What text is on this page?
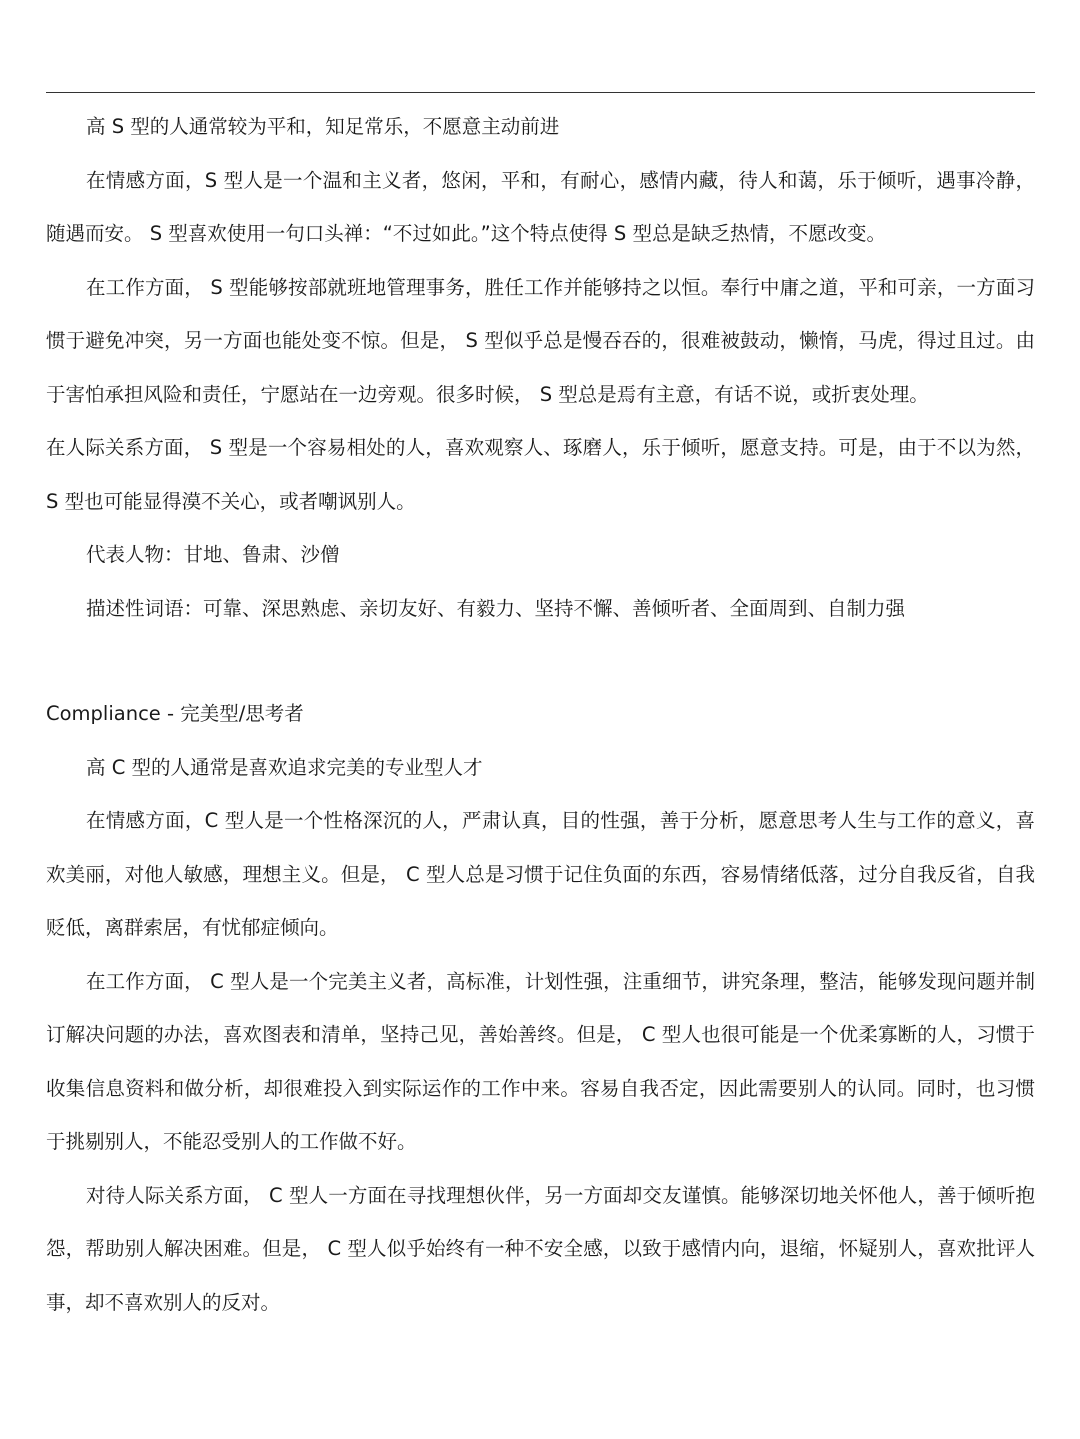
高 S 型的人通常较为平和，知足常乐，不愿意主动前进

在情感方面，S 型人是一个温和主义者，悠闲，平和，有耐心，感情内藏，待人和蔼，乐于倾听，遇事冷静，随遇而安。 S 型喜欢使用一句口头禅：“不过如此。”这个特点使得 S 型总是缺乏热情，不愿改变。

在工作方面， S 型能够按部就班地管理事务，胜任工作并能够持之以恒。奉行中庸之道，平和可亲，一方面习惯于避免冲突，另一方面也能处变不惊。但是， S 型似乎总是慢吞吞的，很难被鼓动，懒惰，马虎，得过且过。由于害怕承担风险和责任，宁愿站在一边旁观。很多时候， S 型总是焉有主意，有话不说，或折衷处理。

在人际关系方面， S 型是一个容易相处的人，喜欢观察人、琢磨人，乐于倾听，愿意支持。可是，由于不以为然， S 型也可能显得漠不关心，或者嘲讽别人。

代表人物：甘地、鲁肃、沙僧

描述性词语：可靠、深思熟虑、亲切友好、有毅力、坚持不懈、善倾听者、全面周到、自制力强

Compliance - 完美型/思考者

高 C 型的人通常是喜欢追求完美的专业型人才

在情感方面，C 型人是一个性格深沉的人，严肃认真，目的性强，善于分析，愿意思考人生与工作的意义，喜欢美丽，对他人敏感，理想主义。但是， C 型人总是习惯于记住负面的东西，容易情绪低落，过分自我反省，自我贬低，离群索居，有忧郁症倾向。

在工作方面， C 型人是一个完美主义者，高标准，计划性强，注重细节，讲究条理，整洁，能够发现问题并制订解决问题的办法，喜欢图表和清单，坚持己见，善始善终。但是， C 型人也很可能是一个优柔寡断的人，习惯于收集信息资料和做分析，却很难投入到实际运作的工作中来。容易自我否定，因此需要别人的认同。同时，也习惯于挑剔别人，不能忍受别人的工作做不好。

对待人际关系方面， C 型人一方面在寻找理想伙伴，另一方面却交友谨慎。能够深切地关怀他人，善于倾听抱怨，帮助别人解决困难。但是， C 型人似乎始终有一种不安全感，以致于感情内向，退缩，怀疑别人，喜欢批评人事，却不喜欢别人的反对。
